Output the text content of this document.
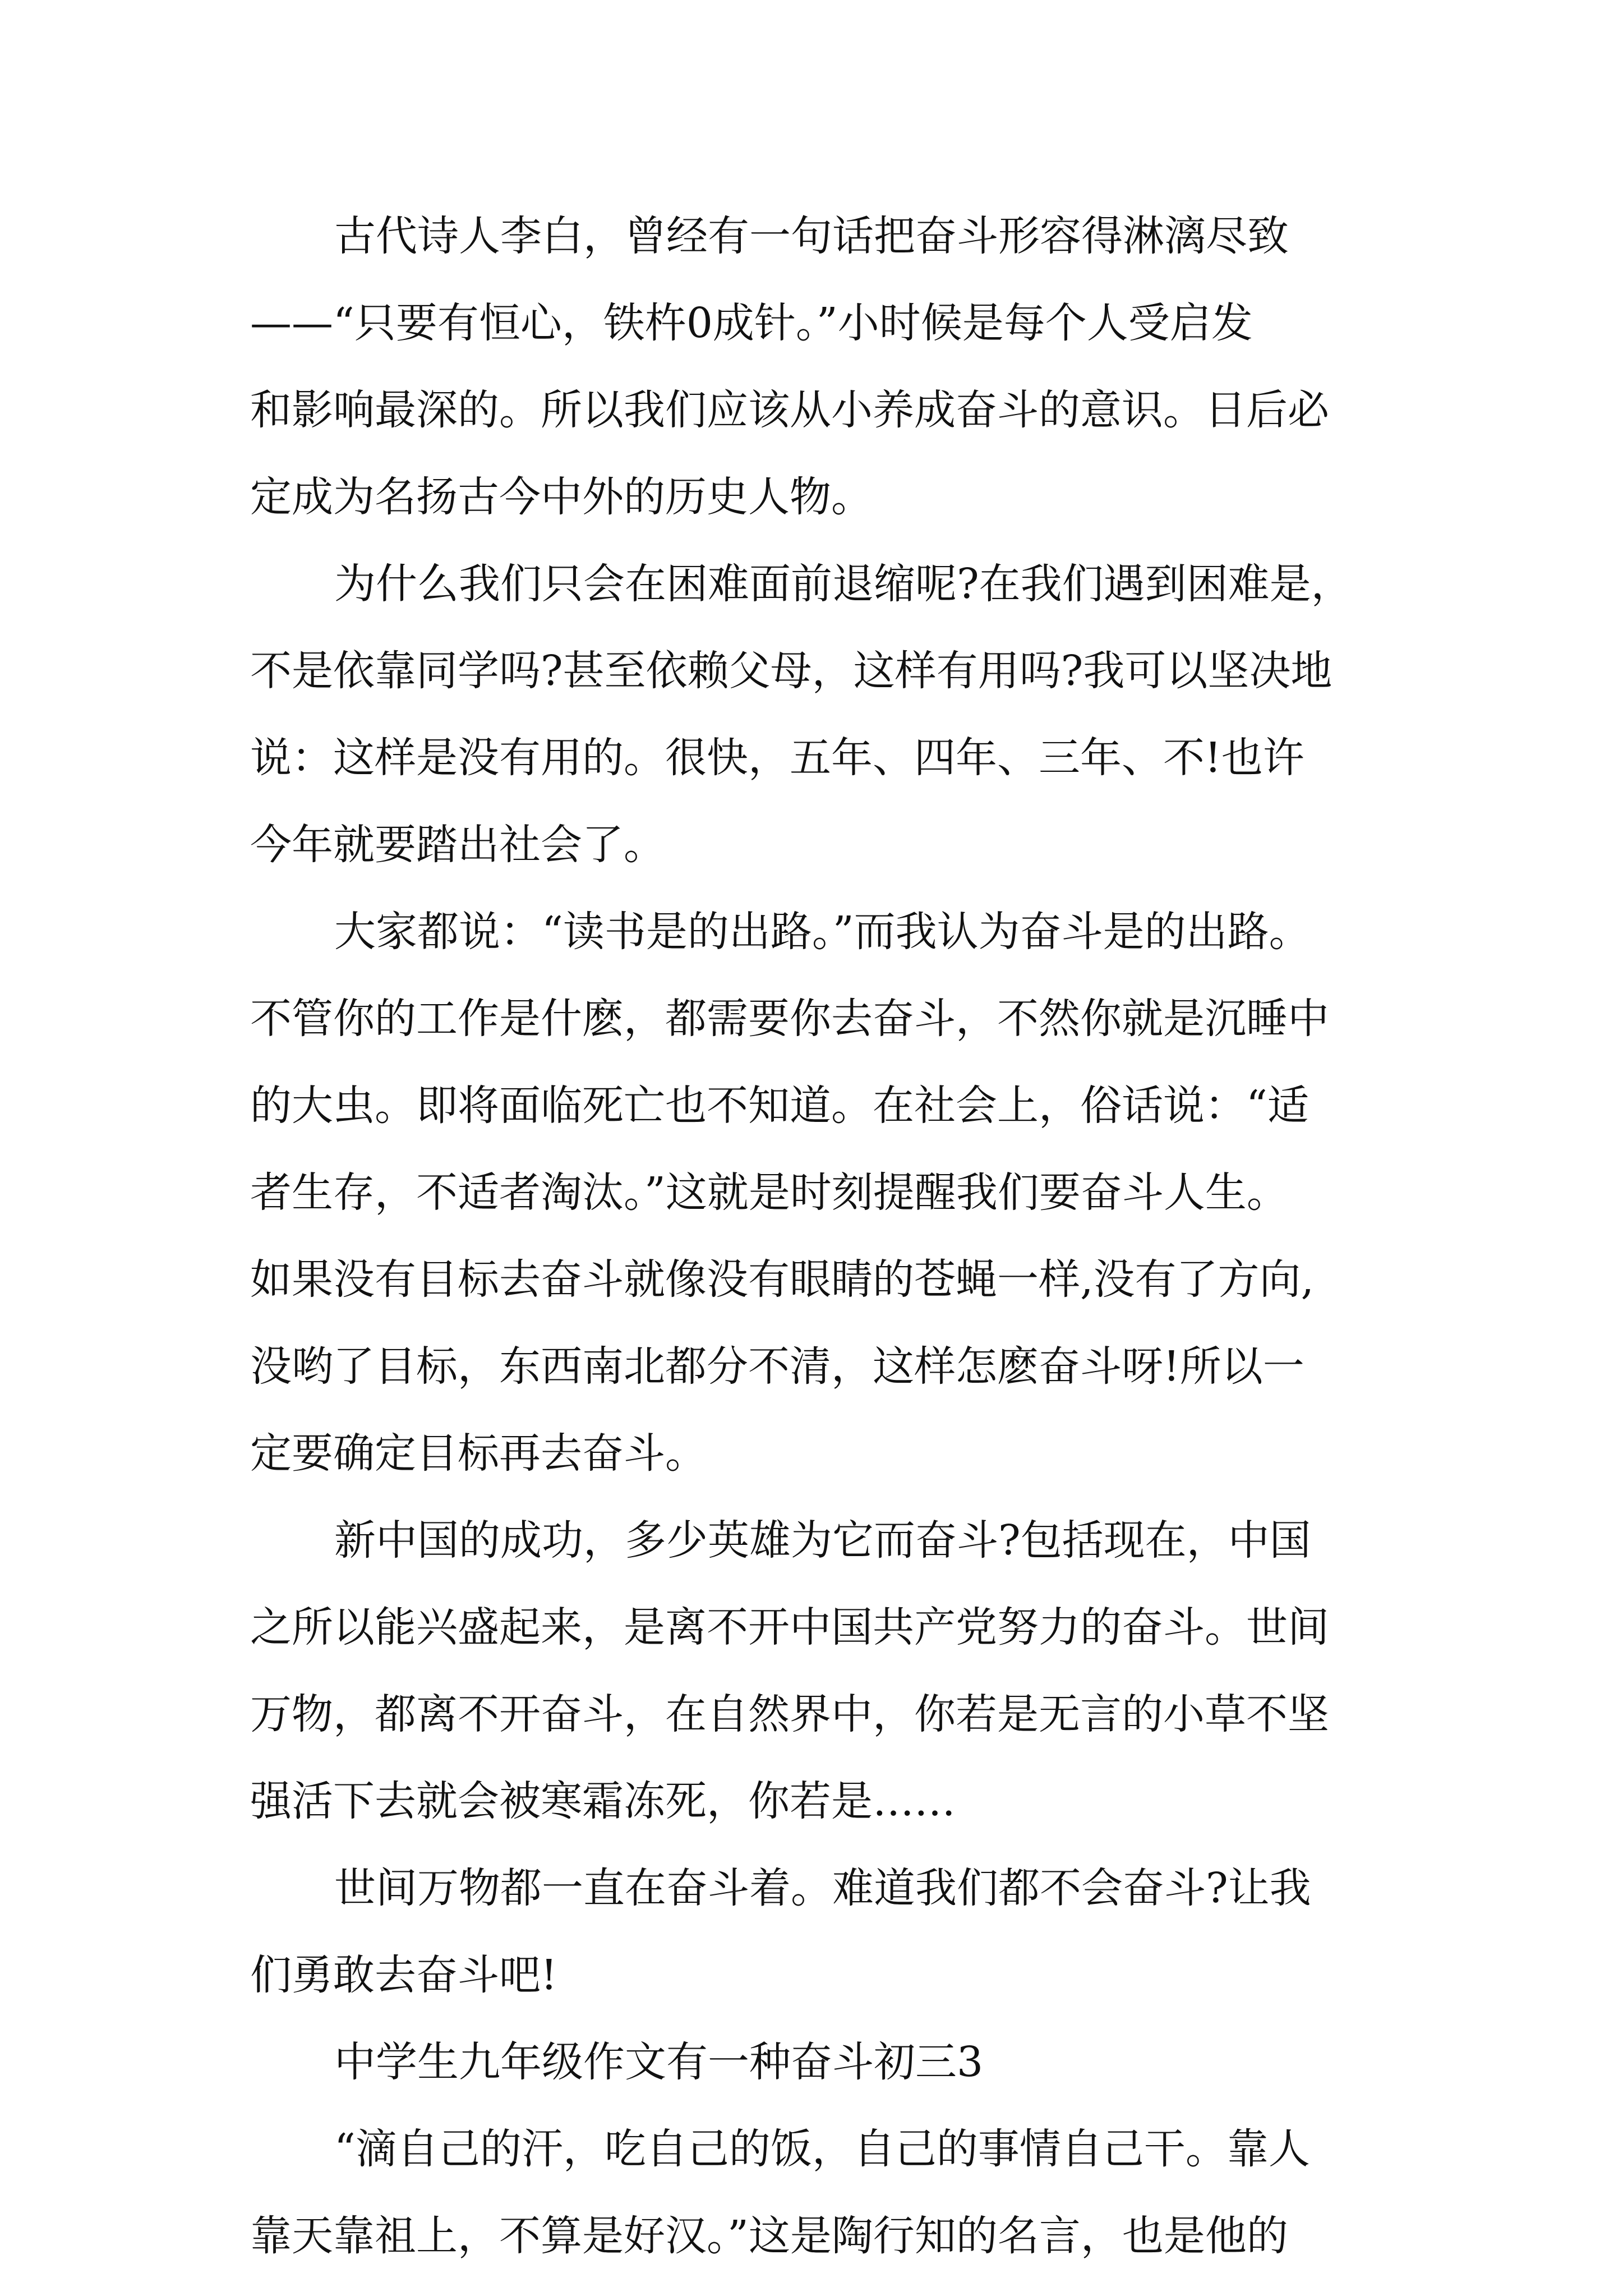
古代诗人李白，曾经有一句话把奋斗形容得淋漓尽致
——“只要有恒心，铁杵0成针。”小时候是每个人受启发
和影响最深的。所以我们应该从小养成奋斗的意识。日后必
定成为名扬古今中外的历史人物。
为什么我们只会在困难面前退缩呢?在我们遇到困难是，
不是依靠同学吗?甚至依赖父母，这样有用吗?我可以坚决地
说：这样是没有用的。很快，五年、四年、三年、不!也许
今年就要踏出社会了。
大家都说：“读书是的出路。”而我认为奋斗是的出路。
不管你的工作是什麽，都需要你去奋斗，不然你就是沉睡中
的大虫。即将面临死亡也不知道。在社会上，俗话说：“适
者生存，不适者淘汰。”这就是时刻提醒我们要奋斗人生。
如果没有目标去奋斗就像没有眼睛的苍蝇一样,没有了方向,
没哟了目标，东西南北都分不清，这样怎麽奋斗呀!所以一
定要确定目标再去奋斗。
新中国的成功，多少英雄为它而奋斗?包括现在，中国
之所以能兴盛起来，是离不开中国共产党努力的奋斗。世间
万物，都离不开奋斗，在自然界中，你若是无言的小草不坚
强活下去就会被寒霜冻死，你若是……
世间万物都一直在奋斗着。难道我们都不会奋斗?让我
们勇敢去奋斗吧!
中学生九年级作文有一种奋斗初三3
“滴自己的汗，吃自己的饭，自己的事情自己干。靠人
靠天靠祖上，不算是好汉。”这是陶行知的名言，也是他的
